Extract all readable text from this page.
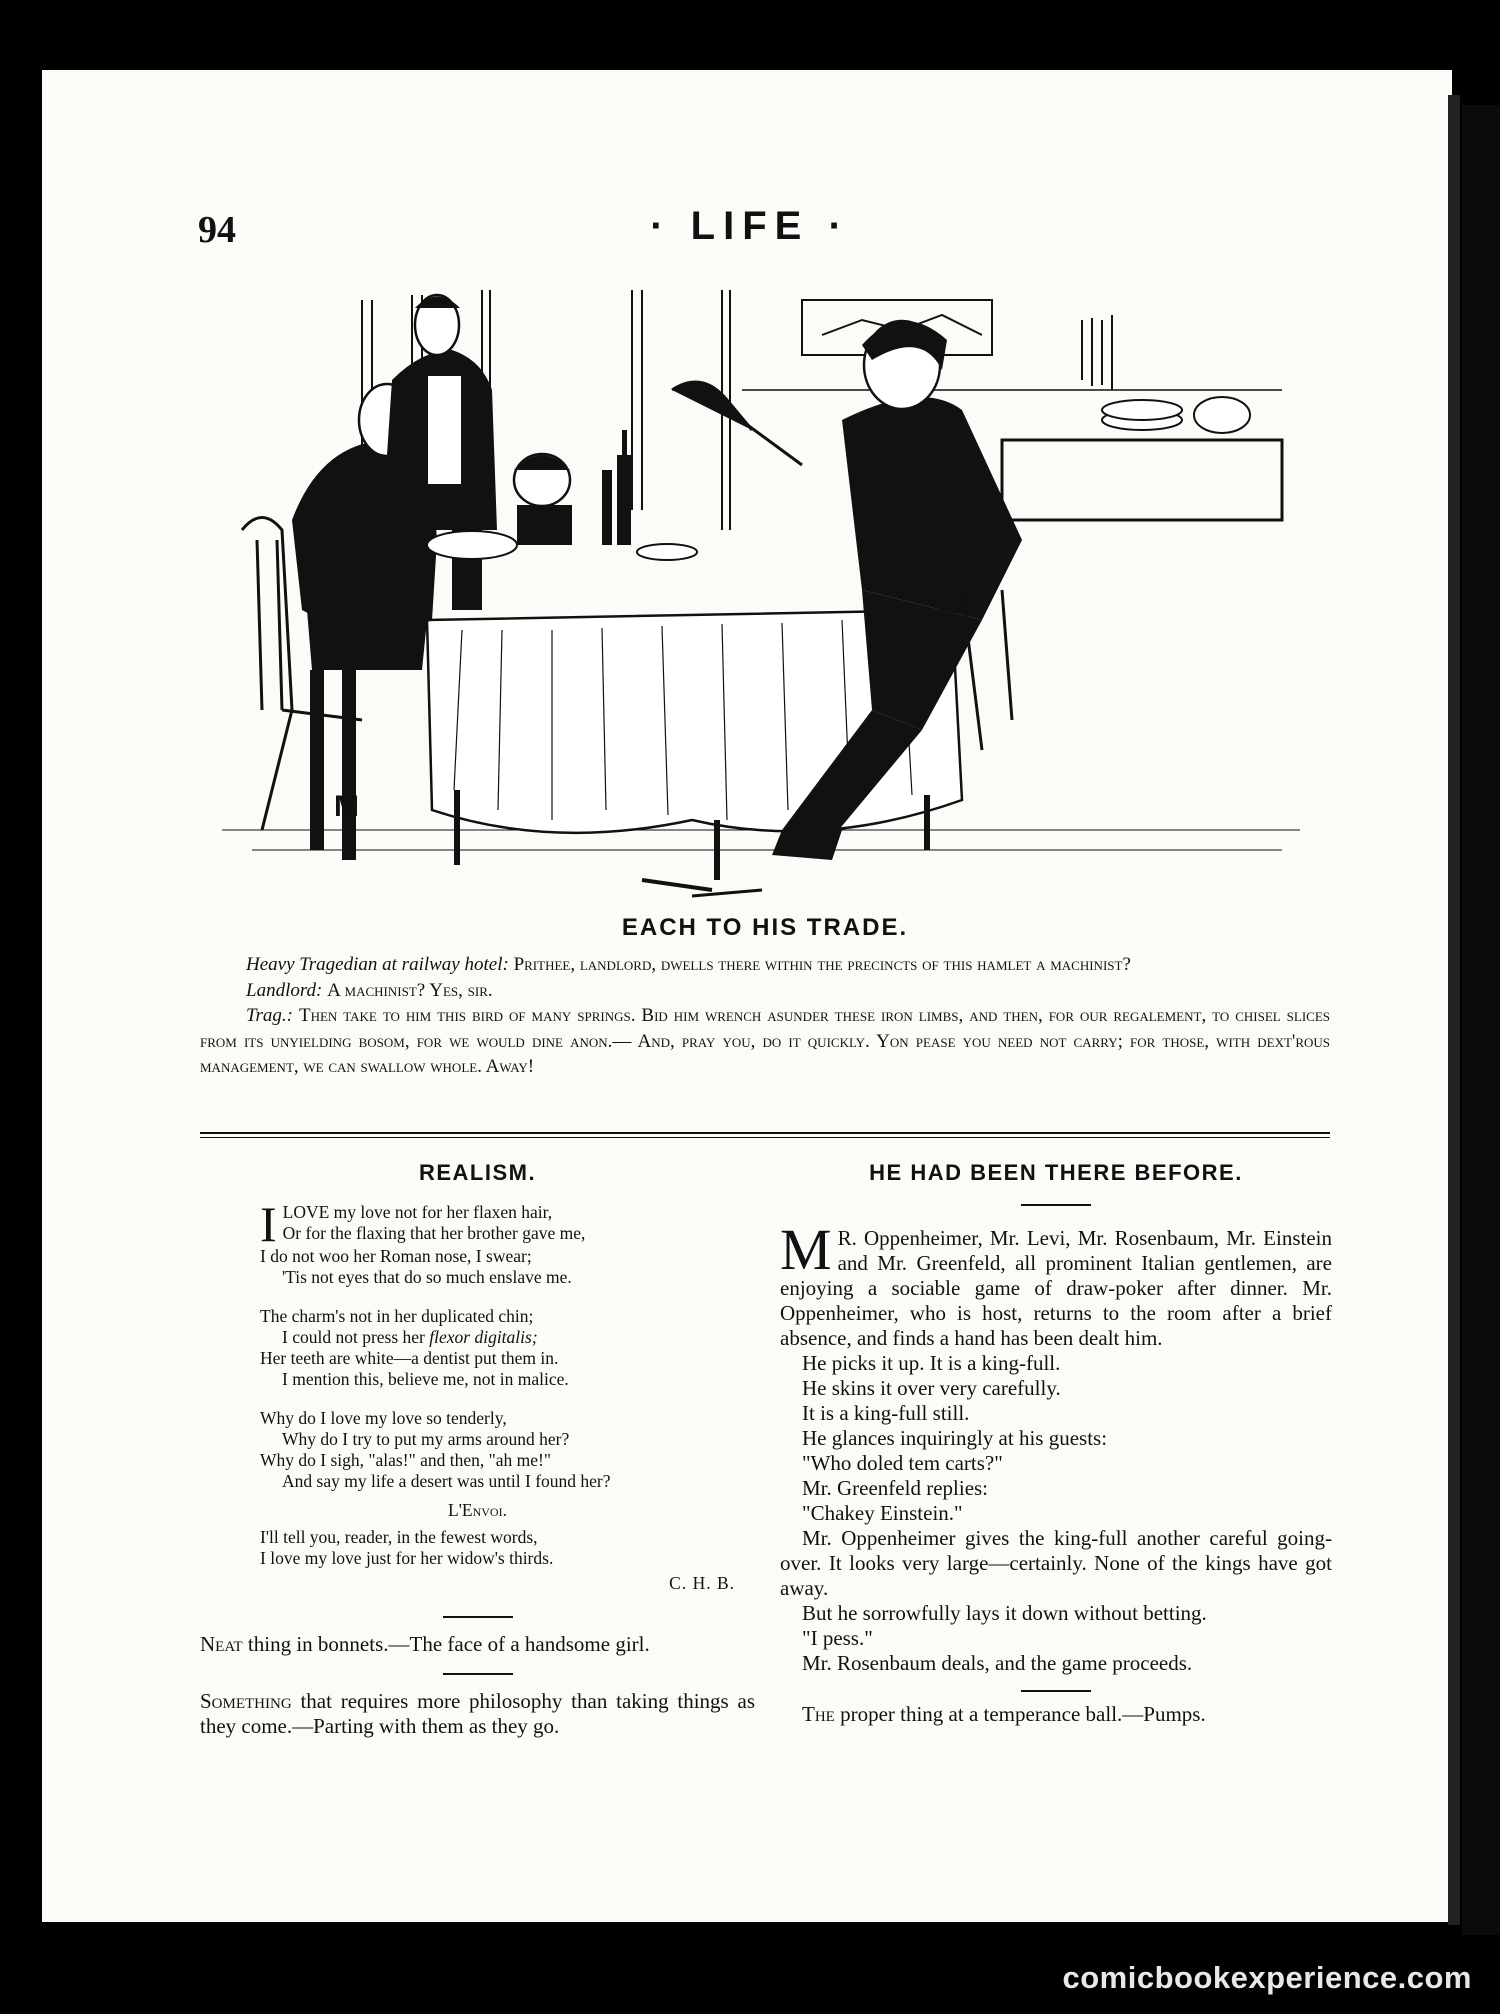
94	· LIFE ·
M
EACH TO HIS TRADE.

Heavy Tragedian at railway hotel: Prithee, landlord, dwells there within the precincts of this hamlet a machinist?

Landlord: A machinist? Yes, sir.

Trag.: Then take to him this bird of many springs. Bid him wrench asunder these iron limbs, and then, for our regalement, to chisel slices from its unyielding bosom, for we would dine anon.— And, pray you, do it quickly. Yon pease you need not carry; for those, with dext'rous management, we can swallow whole. Away!

REALISM.
I LOVE my love not for her flaxen hair,
Or for the flaxing that her brother gave me,
I do not woo her Roman nose, I swear;
'Tis not eyes that do so much enslave me.
The charm's not in her duplicated chin;
I could not press her flexor digitalis;
Her teeth are white—a dentist put them in.
I mention this, believe me, not in malice.
Why do I love my love so tenderly,
Why do I try to put my arms around her?
Why do I sigh, "alas!" and then, "ah me!"
And say my life a desert was until I found her?
L'Envoi.
I'll tell you, reader, in the fewest words,
I love my love just for her widow's thirds.
C. H. B.

Neat thing in bonnets.—The face of a handsome girl.

Something that requires more philosophy than taking things as they come.—Parting with them as they go.

HE HAD BEEN THERE BEFORE.

M R. Oppenheimer, Mr. Levi, Mr. Rosenbaum, Mr. Einstein and Mr. Greenfeld, all prominent Italian gentlemen, are enjoying a sociable game of draw-poker after dinner. Mr. Oppenheimer, who is host, returns to the room after a brief absence, and finds a hand has been dealt him.

He picks it up. It is a king-full.

He skins it over very carefully.

It is a king-full still.

He glances inquiringly at his guests:

"Who doled tem carts?"

Mr. Greenfeld replies:

"Chakey Einstein."

Mr. Oppenheimer gives the king-full another careful going-over. It looks very large—certainly. None of the kings have got away.

But he sorrowfully lays it down without betting.

"I pess."

Mr. Rosenbaum deals, and the game proceeds.

The proper thing at a temperance ball.—Pumps.

comicbookexperience.com
